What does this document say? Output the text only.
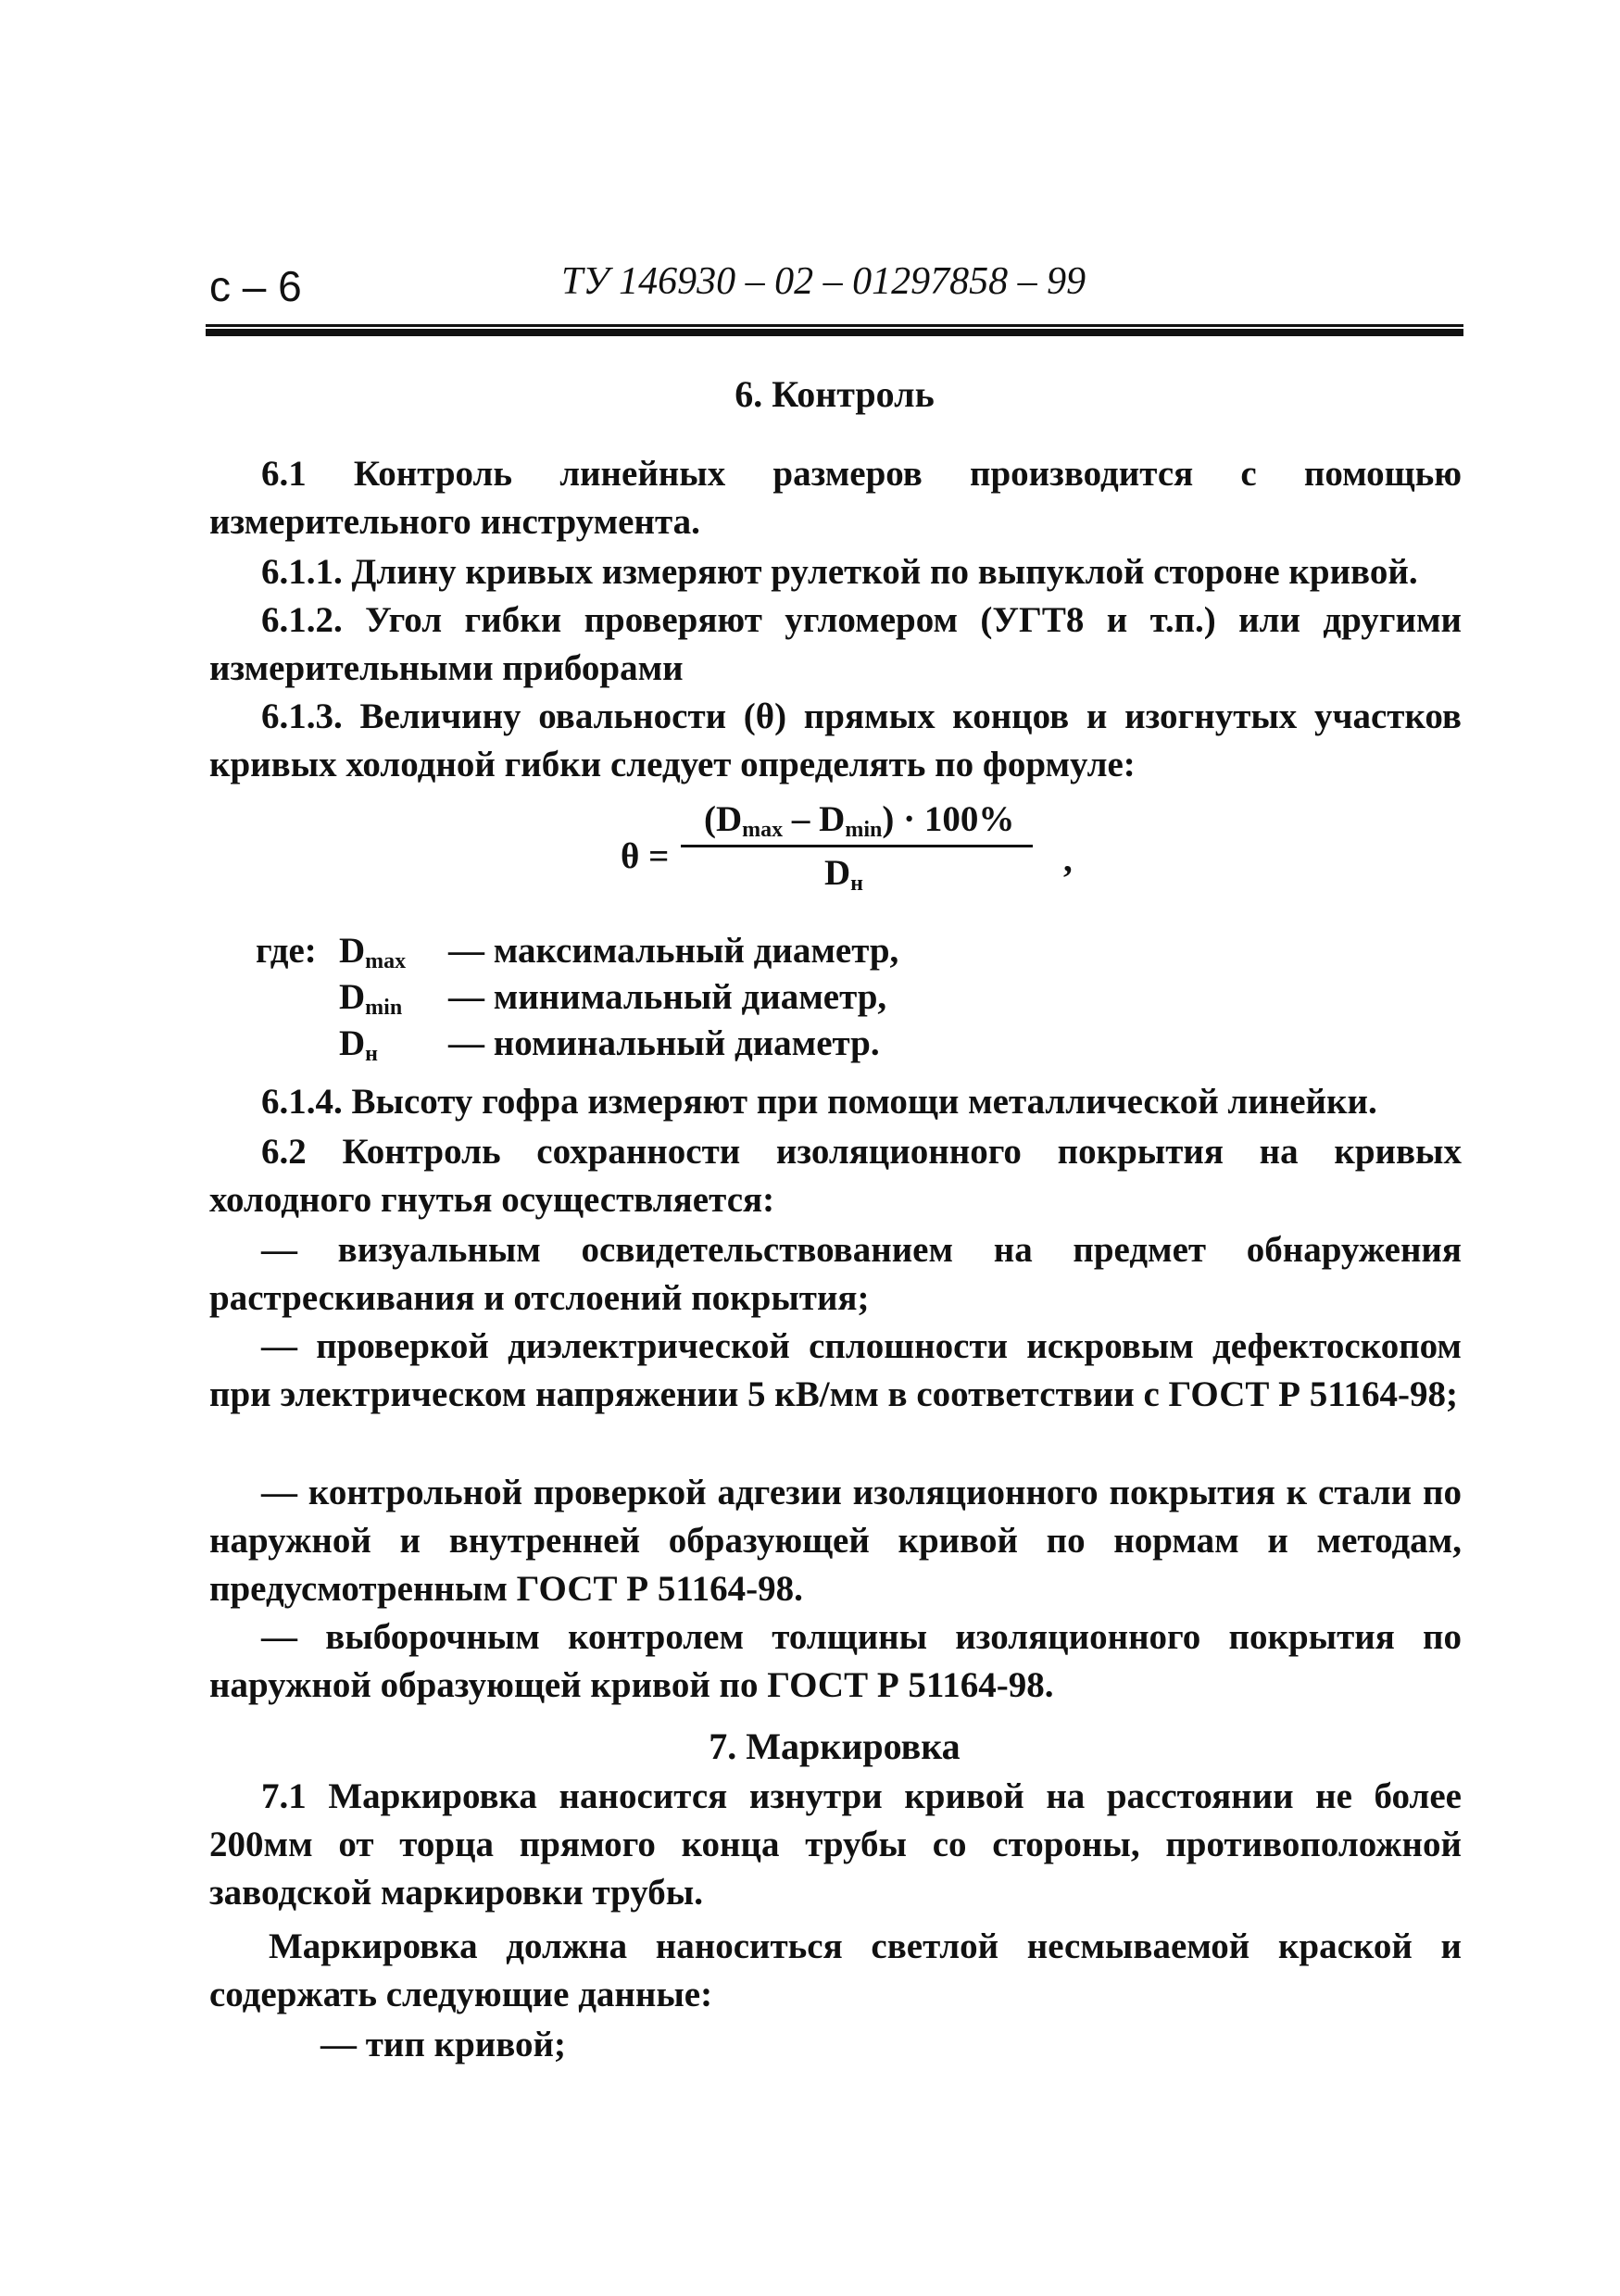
с – 6	ТУ 146930 – 02 – 01297858 – 99
6. Контроль
6.1 Контроль линейных размеров производится с помощью измерительного инструмента.
6.1.1. Длину кривых измеряют рулеткой по выпуклой стороне кривой.
6.1.2. Угол гибки проверяют угломером (УГТ8 и т.п.) или другими измерительными приборами
6.1.3. Величину овальности (θ) прямых концов и изогнутых участков кривых холодной гибки следует определять по формуле:
θ =
$(D_{max} - D_{min}) \cdot 100\%$
$D_н$
,
где: $D_{max}$ — максимальный диаметр,
$D_{min}$ — минимальный диаметр,
$D_н$ — номинальный диаметр.
6.1.4. Высоту гофра измеряют при помощи металлической линейки.
6.2 Контроль сохранности изоляционного покрытия на кривых холодного гнутья осуществляется:
— визуальным освидетельствованием на предмет обнаружения растрескивания и отслоений покрытия;
— проверкой диэлектрической сплошности искровым дефектоскопом при электрическом напряжении 5 кВ/мм в соответствии с ГОСТ Р 51164-98;
— контрольной проверкой адгезии изоляционного покрытия к стали по наружной и внутренней образующей кривой по нормам и методам, предусмотренным ГОСТ Р 51164-98.
— выборочным контролем толщины изоляционного покрытия по наружной образующей кривой по ГОСТ Р 51164-98.
7. Маркировка
7.1 Маркировка наносится изнутри кривой на расстоянии не более 200мм от торца прямого конца трубы со стороны, противоположной заводской маркировки трубы.
Маркировка должна наноситься светлой несмываемой краской и содержать следующие данные:
— тип кривой;
